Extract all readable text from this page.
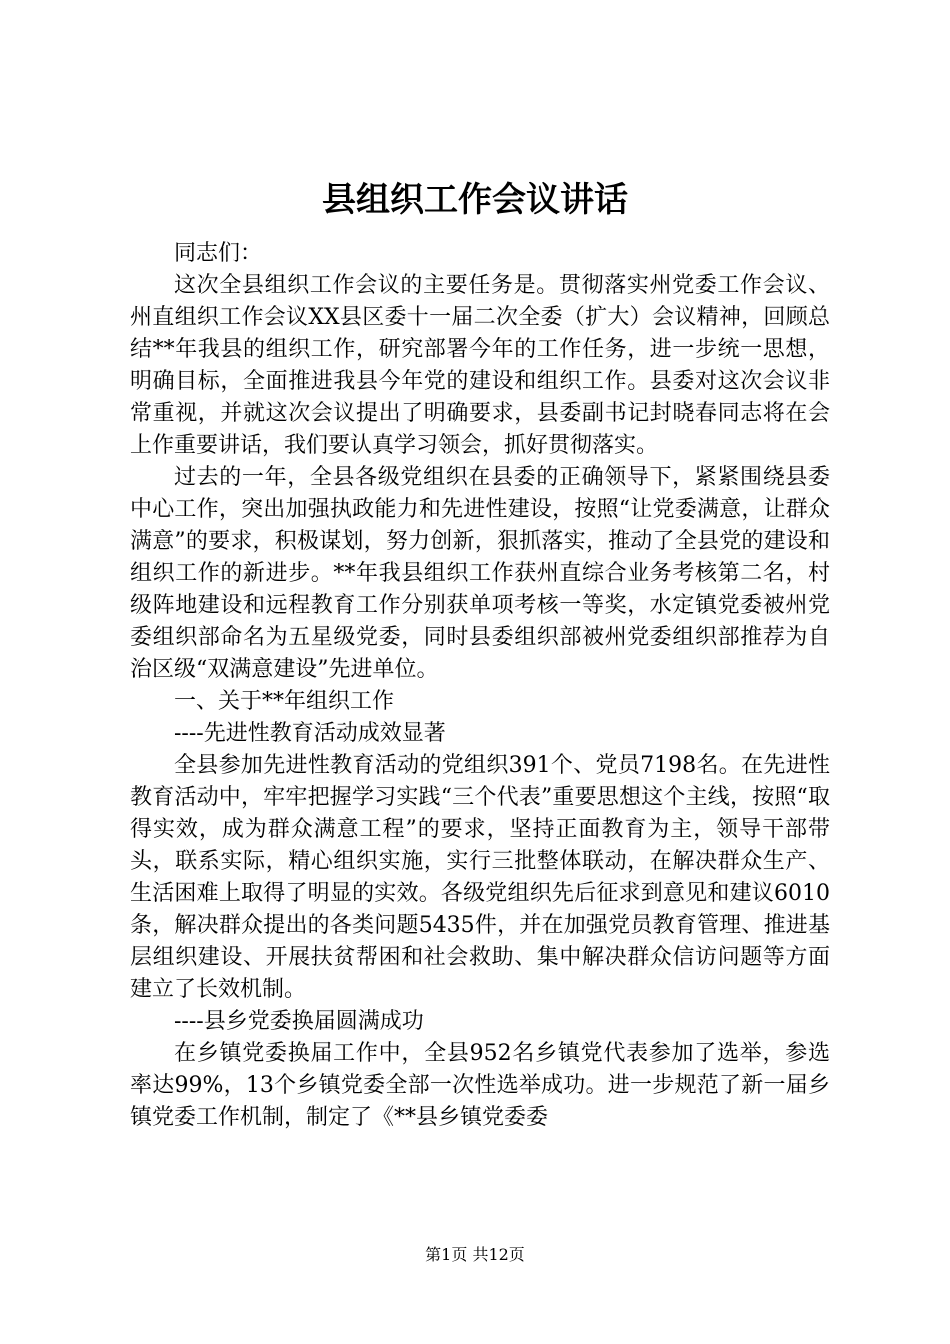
县组织工作会议讲话

同志们：

这次全县组织工作会议的主要任务是。贯彻落实州党委工作会议、州直组织工作会议XX县区委十一届二次全委（扩大）会议精神，回顾总结**年我县的组织工作，研究部署今年的工作任务，进一步统一思想，明确目标，全面推进我县今年党的建设和组织工作。县委对这次会议非常重视，并就这次会议提出了明确要求，县委副书记封晓春同志将在会上作重要讲话，我们要认真学习领会，抓好贯彻落实。

过去的一年，全县各级党组织在县委的正确领导下，紧紧围绕县委中心工作，突出加强执政能力和先进性建设，按照“让党委满意，让群众满意”的要求，积极谋划，努力创新，狠抓落实，推动了全县党的建设和组织工作的新进步。**年我县组织工作获州直综合业务考核第二名，村级阵地建设和远程教育工作分别获单项考核一等奖，水定镇党委被州党委组织部命名为五星级党委，同时县委组织部被州党委组织部推荐为自治区级“双满意建设”先进单位。

一、关于**年组织工作

----先进性教育活动成效显著

全县参加先进性教育活动的党组织391个、党员7198名。在先进性教育活动中，牢牢把握学习实践“三个代表”重要思想这个主线，按照“取得实效，成为群众满意工程”的要求，坚持正面教育为主，领导干部带头，联系实际，精心组织实施，实行三批整体联动，在解决群众生产、生活困难上取得了明显的实效。各级党组织先后征求到意见和建议6010条，解决群众提出的各类问题5435件，并在加强党员教育管理、推进基层组织建设、开展扶贫帮困和社会救助、集中解决群众信访问题等方面建立了长效机制。

----县乡党委换届圆满成功

在乡镇党委换届工作中，全县952名乡镇党代表参加了选举，参选率达99%，13个乡镇党委全部一次性选举成功。进一步规范了新一届乡镇党委工作机制，制定了《**县乡镇党委委

第1页 共12页
